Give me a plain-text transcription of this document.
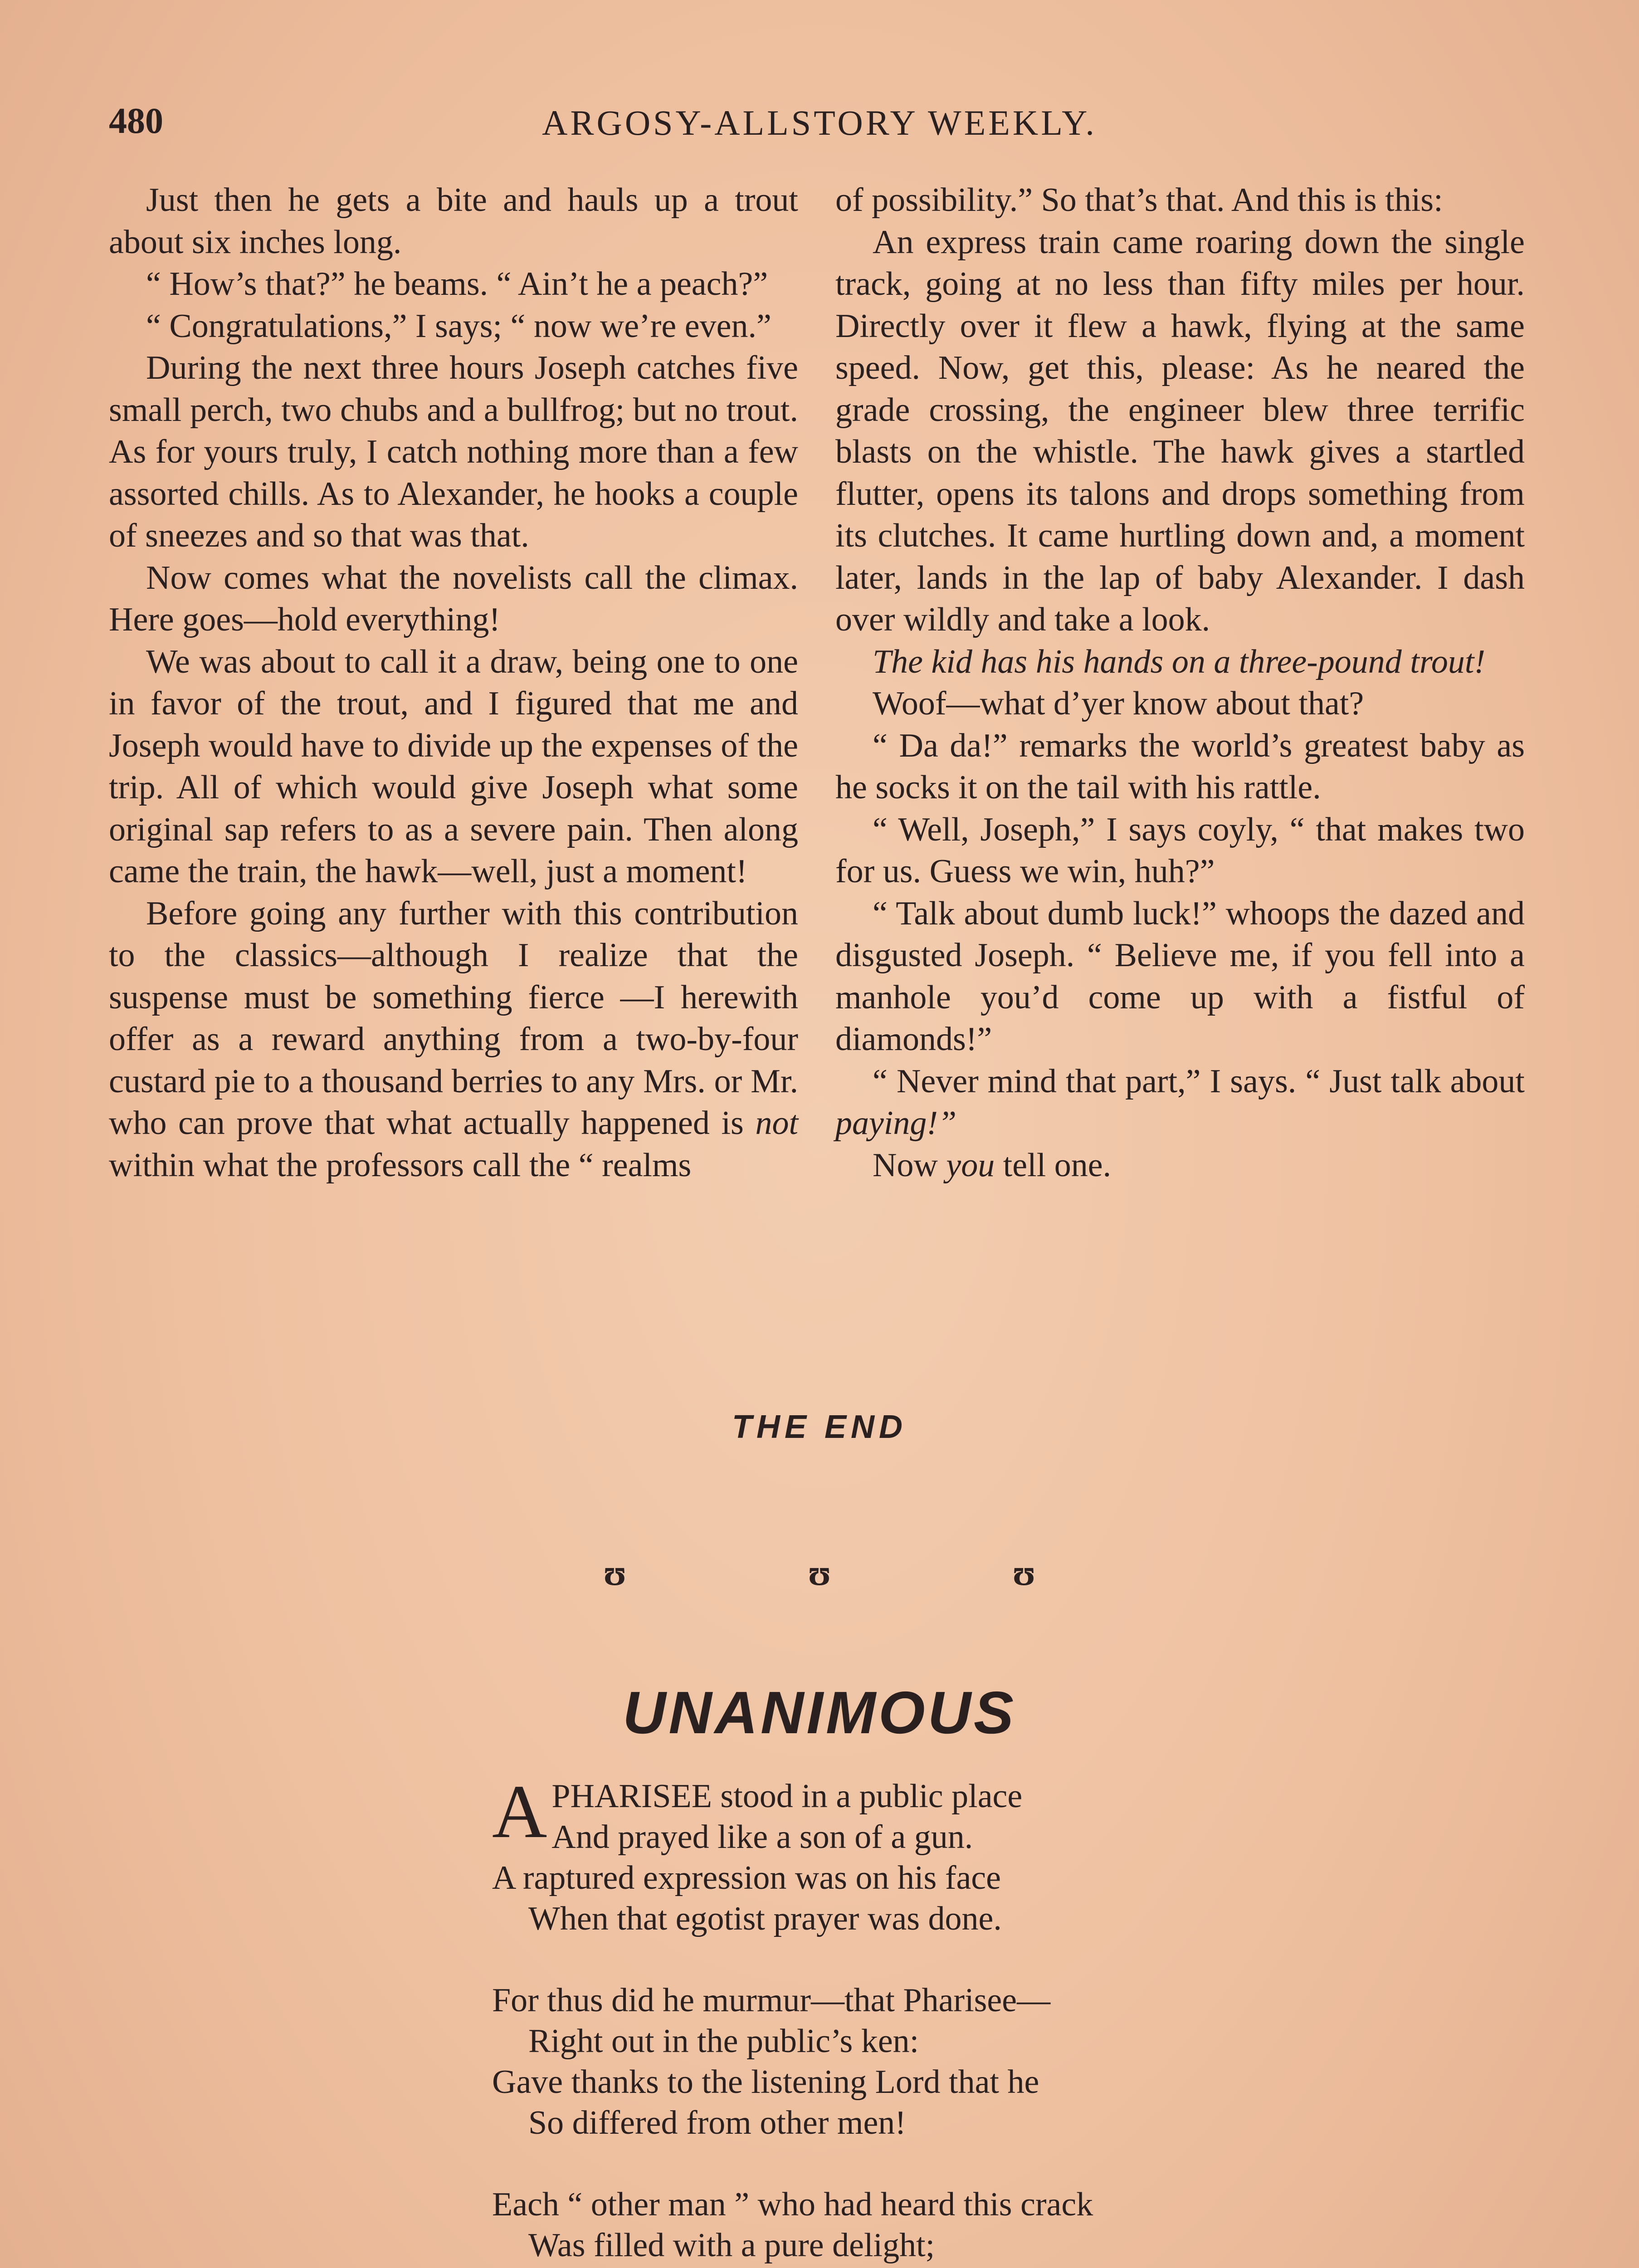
480	ARGOSY-ALLSTORY WEEKLY.

Just then he gets a bite and hauls up a trout about six inches long.

“ How’s that?” he beams. “ Ain’t he a peach?”

“ Congratulations,” I says; “ now we’re even.”

During the next three hours Joseph catches five small perch, two chubs and a bullfrog; but no trout. As for yours truly, I catch nothing more than a few assorted chills. As to Alexander, he hooks a couple of sneezes and so that was that.

Now comes what the novelists call the climax. Here goes—hold everything!

We was about to call it a draw, being one to one in favor of the trout, and I figured that me and Joseph would have to divide up the expenses of the trip. All of which would give Joseph what some original sap refers to as a severe pain. Then along came the train, the hawk—well, just a moment!

Before going any further with this contribution to the classics—although I realize that the suspense must be something fierce —I herewith offer as a reward anything from a two-by-four custard pie to a thousand berries to any Mrs. or Mr. who can prove that what actually happened is not within what the professors call the “ realms

of possibility.” So that’s that. And this is this:

An express train came roaring down the single track, going at no less than fifty miles per hour. Directly over it flew a hawk, flying at the same speed. Now, get this, please: As he neared the grade crossing, the engineer blew three terrific blasts on the whistle. The hawk gives a startled flutter, opens its talons and drops something from its clutches. It came hurtling down and, a moment later, lands in the lap of baby Alexander. I dash over wildly and take a look.

The kid has his hands on a three-pound trout!

Woof—what d’yer know about that?

“ Da da!” remarks the world’s greatest baby as he socks it on the tail with his rattle.

“ Well, Joseph,” I says coyly, “ that makes two for us. Guess we win, huh?”

“ Talk about dumb luck!” whoops the dazed and disgusted Joseph. “ Believe me, if you fell into a manhole you’d come up with a fistful of diamonds!”

“ Never mind that part,” I says. “ Just talk about paying!”

Now you tell one.

THE END
ʊ	ʊ	ʊ
UNANIMOUS
A PHARISEE stood in a public place
And prayed like a son of a gun.
A raptured expression was on his face
When that egotist prayer was done.
For thus did he murmur—that Pharisee—
Right out in the public’s ken:
Gave thanks to the listening Lord that he
So differed from other men!
Each “ other man ” who had heard this crack
Was filled with a pure delight;
